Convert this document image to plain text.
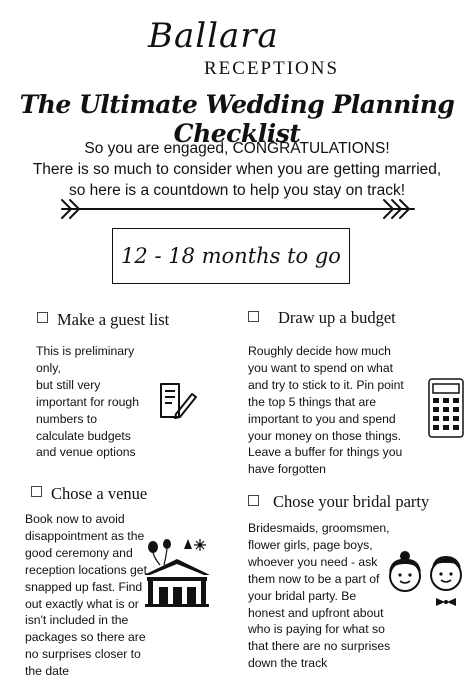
Ballara
RECEPTIONS
The Ultimate Wedding Planning Checklist
So you are engaged, CONGRATULATIONS!
There is so much to consider when you are getting married,
so here is a countdown to help you stay on track!
12 - 18 months to go
Make a guest list
This is preliminary
only,
but still very
important for rough
numbers to
calculate budgets
and venue options
Draw up a budget
Roughly decide how much
you want to spend on what
and try to stick to it. Pin point
the top 5 things that are
important to you and spend
your money on those things.
Leave a buffer for things you
have forgotten
Chose a venue
Book now to avoid
disappointment as the
good ceremony and
reception locations get
snapped up fast. Find
out exactly what is or
isn't included in the
packages so there are
no surprises closer to
the date
Chose your bridal party
Bridesmaids, groomsmen,
flower girls, page boys,
whoever you need - ask
them now to be a part of
your bridal party. Be
honest and upfront about
who is paying for what so
that there are no surprises
down the track
